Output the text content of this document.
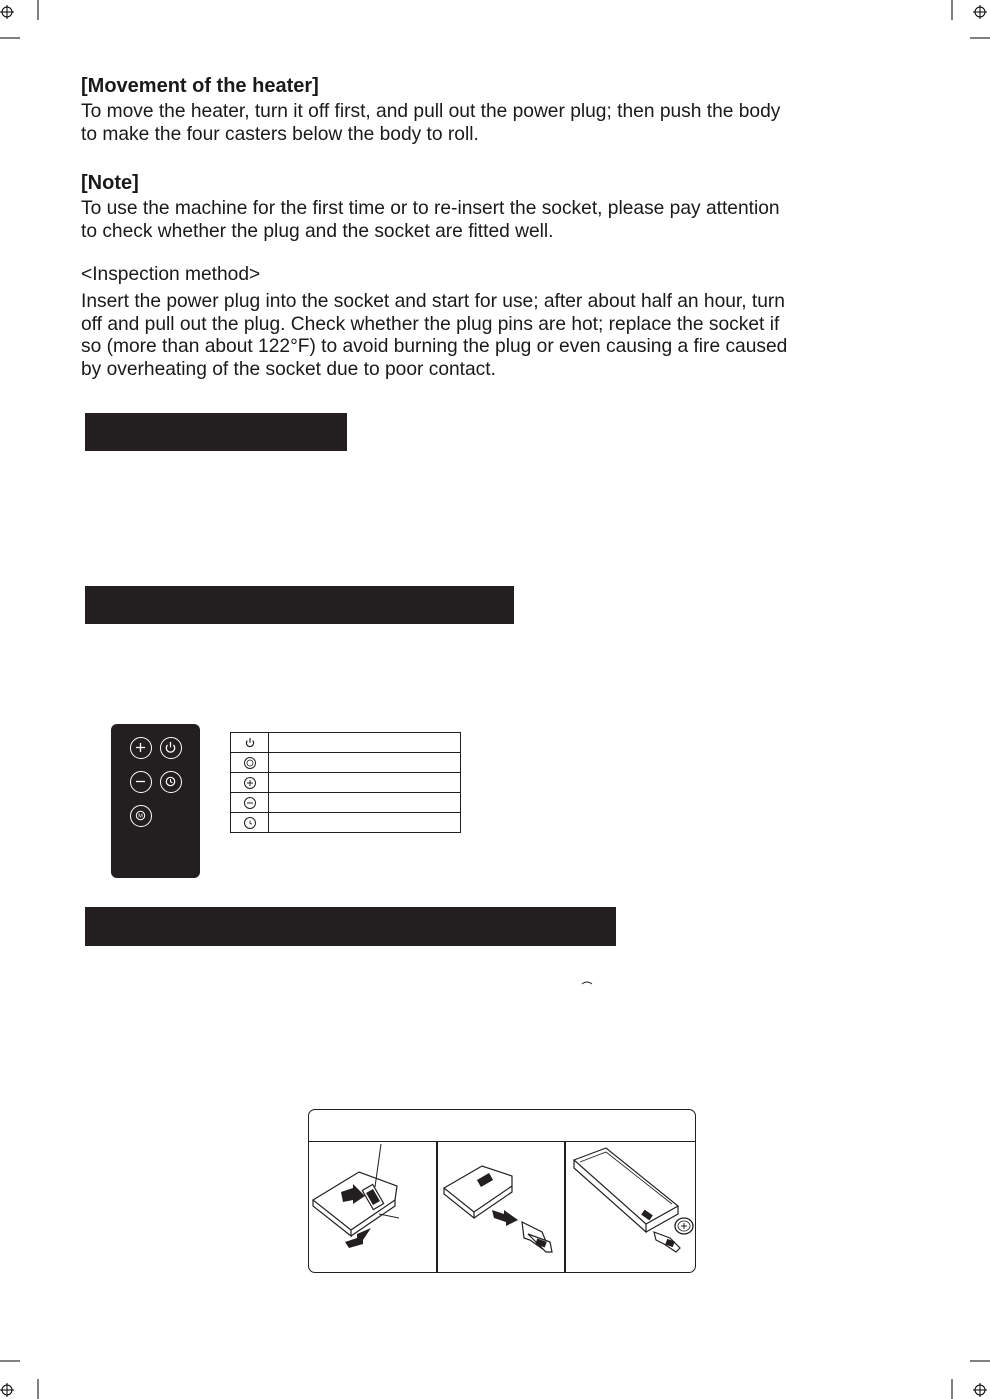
[Movement of the heater]

To move the heater, turn it off first, and pull out the power plug; then push the body
to make the four casters below the body to roll.

[Note]

To use the machine for the first time or to re-insert the socket, please pay attention
to check whether the plug and the socket are fitted well.

<Inspection method>

Insert the power plug into the socket and start for use; after about half an hour, turn
off and pull out the plug. Check whether the plug pins are hot; replace the socket if
so (more than about 122°F) to avoid burning the plug or even causing a fire caused
by overheating of the socket due to poor contact.

M
